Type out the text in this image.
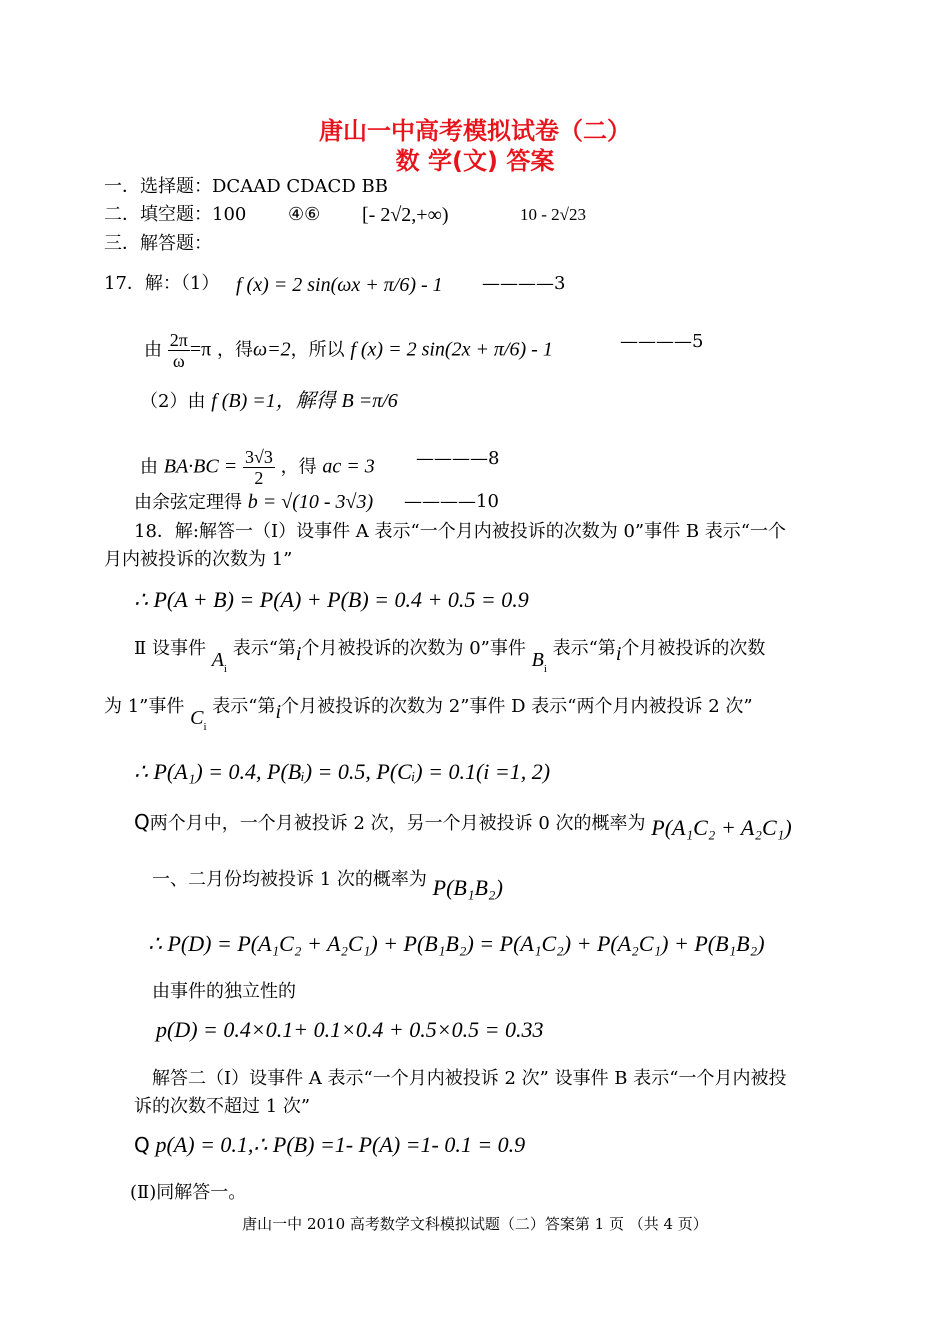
唐山一中高考模拟试卷（二）
数 学(文) 答案
一．选择题：DCAAD CDACD BB
二．填空题：100 ④⑥ [- 2√2,+∞)	10 - 2√23
三．解答题：
17．解：（1） f (x) = 2 sin(ωx + π/6) - 1 ————3
由 $\frac{2\pi}{\omega} =\pi$ ，得ω=2，所以 f (x) = 2 sin(2x + π/6) - 1	————5
（2）由 f (B) =1，解得 B =π/6
由 $BA\cdot BC = \frac{3√3}{2}$ ，得 ac = 3 ————8
由余弦定理得 b = √(10 - 3√3) ————10
18．解:解答一（Ⅰ）设事件 A 表示“一个月内被投诉的次数为 0”事件 B 表示“一个
月内被投诉的次数为 1”
∴ P(A + B) = P(A) + P(B) = 0.4 + 0.5 = 0.9
Ⅱ 设事件 $A_i$ 表示“第i个月被投诉的次数为 0”事件 $B_i$ 表示“第i个月被投诉的次数
为 1”事件 $C_i$ 表示“第i个月被投诉的次数为 2”事件 D 表示“两个月内被投诉 2 次”
∴ P(A₁) = 0.4, P(Bᵢ) = 0.5, P(Cᵢ) = 0.1(i =1, 2)
Q两个月中，一个月被投诉 2 次，另一个月被投诉 0 次的概率为 P(A₁C₂ + A₂C₁)
一、二月份均被投诉 1 次的概率为 P(B₁B₂)
∴ P(D) = P(A₁C₂ + A₂C₁) + P(B₁B₂) = P(A₁C₂) + P(A₂C₁) + P(B₁B₂)
由事件的独立性的
p(D) = 0.4×0.1+ 0.1×0.4 + 0.5×0.5 = 0.33
解答二（Ⅰ）设事件 A 表示“一个月内被投诉 2 次” 设事件 B 表示“一个月内被投
诉的次数不超过 1 次”
Q p(A) = 0.1,∴ P(B) =1- P(A) =1- 0.1 = 0.9
(Ⅱ)同解答一。
唐山一中 2010 高考数学文科模拟试题（二）答案第 1 页 （共 4 页）
